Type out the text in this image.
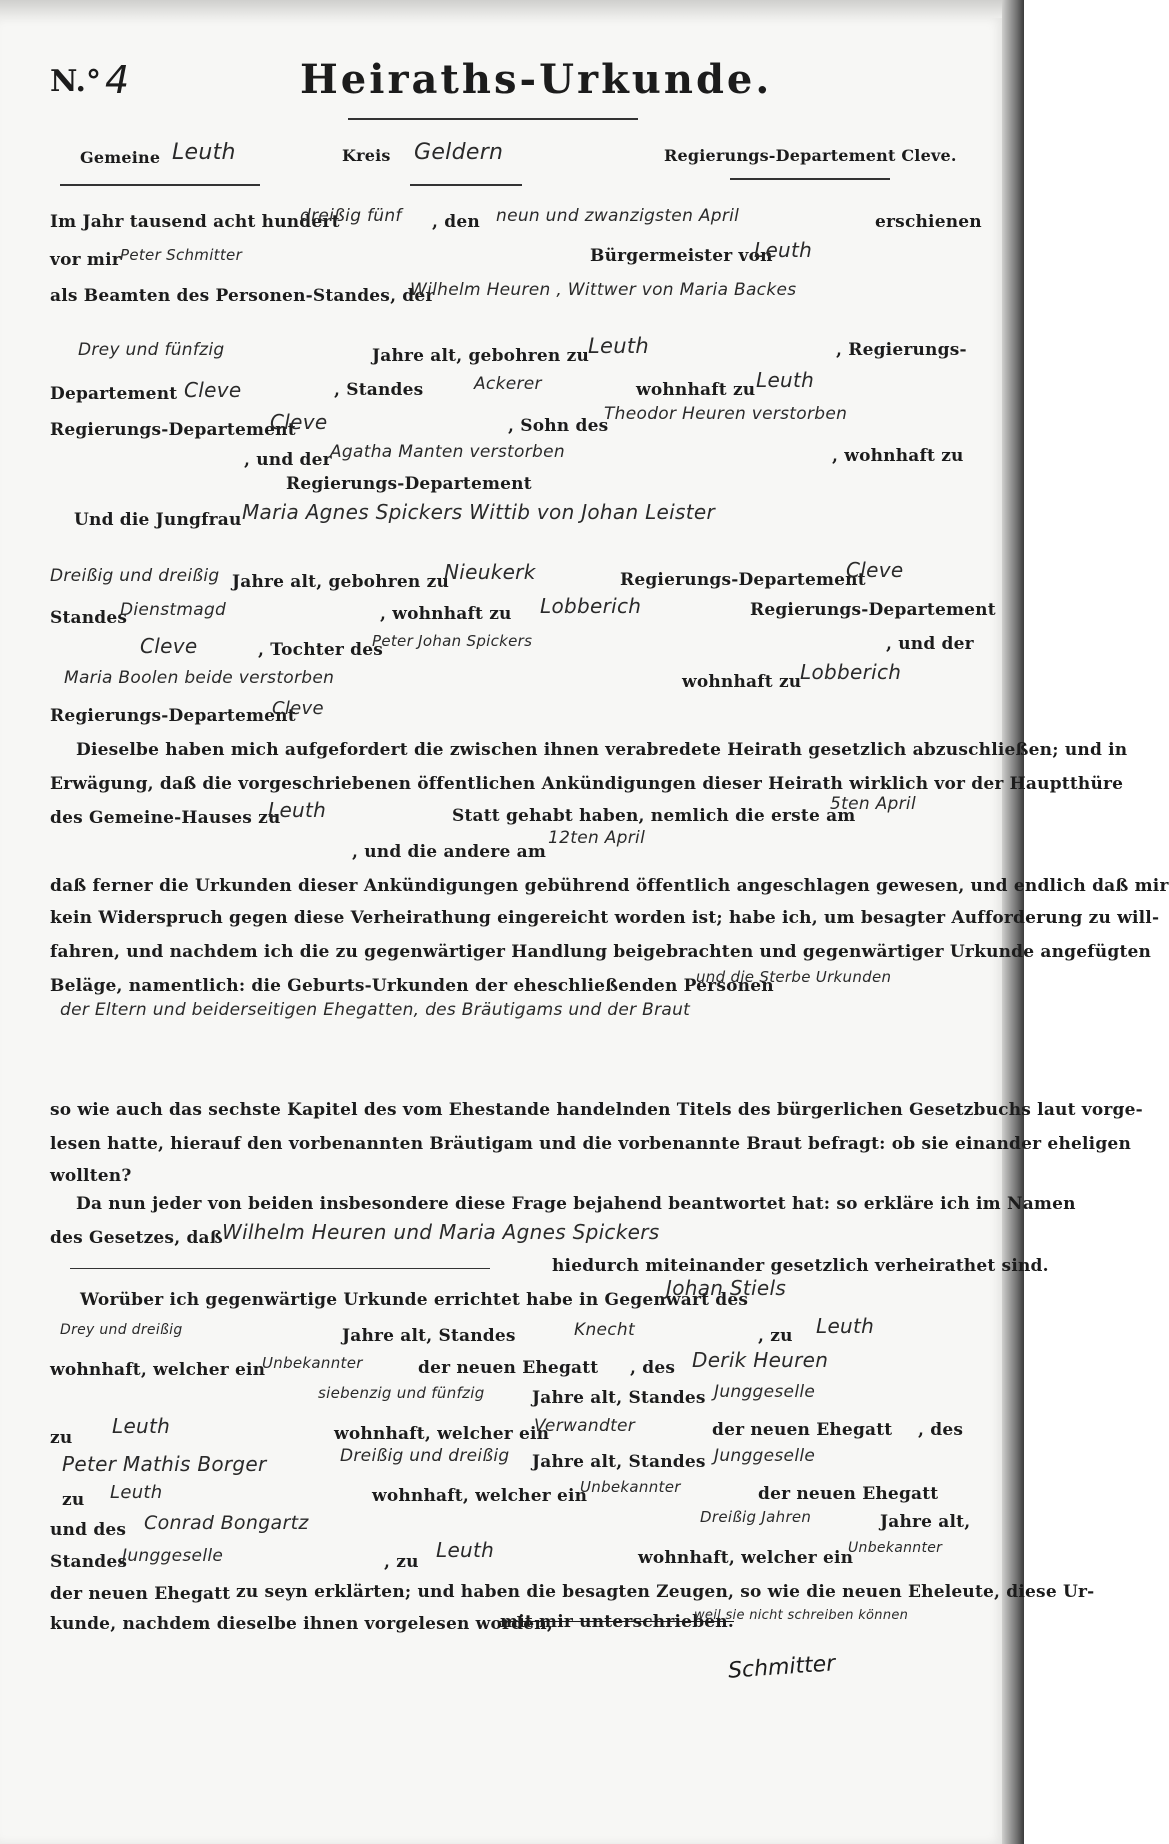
N.° 4	Heiraths-Urkunde.
Gemeine Leuth	Kreis Geldern	Regierungs-Departement Cleve.
Im Jahr tausend acht hundert
dreißig fünf , den neun und zwanzigsten April	erschienen
vor mir Peter Schmitter	Bürgermeister von
Leuth
als Beamten des Personen-Standes, der
Wilhelm Heuren , Wittwer von Maria Backes
Drey und fünfzig	Jahre alt, gebohren zu
Leuth	, Regierungs-
Departement Cleve	, Standes	Ackerer	wohnhaft zu Leuth
Regierungs-Departement
Cleve	, Sohn des
Theodor Heuren verstorben
, und der
Agatha Manten verstorben	, wohnhaft zu
Regierungs-Departement
Und die Jungfrau Maria Agnes Spickers Wittib von Johan Leister
Dreißig und dreißig Jahre alt, gebohren zu
Nieukerk	Regierungs-Departement
Cleve
Standes
Dienstmagd	, wohnhaft zu Lobberich	Regierungs-Departement
Cleve	, Tochter des
Peter Johan Spickers	, und der
Maria Boolen beide verstorben	wohnhaft zu
Lobberich
Regierungs-Departement
Cleve
Dieselbe haben mich aufgefordert die zwischen ihnen verabredete Heirath gesetzlich abzuschließen; und in
Erwägung, daß die vorgeschriebenen öffentlichen Ankündigungen dieser Heirath wirklich vor der Hauptthüre
des Gemeine-Hauses zu
Leuth	Statt gehabt haben, nemlich die erste am
5ten April
, und die andere am
12ten April
daß ferner die Urkunden dieser Ankündigungen gebührend öffentlich angeschlagen gewesen, und endlich daß mir
kein Widerspruch gegen diese Verheirathung eingereicht worden ist; habe ich, um besagter Aufforderung zu will-
fahren, und nachdem ich die zu gegenwärtiger Handlung beigebrachten und gegenwärtiger Urkunde angefügten
Beläge, namentlich: die Geburts-Urkunden der eheschließenden Personen
und die Sterbe Urkunden
der Eltern und beiderseitigen Ehegatten, des Bräutigams und der Braut
so wie auch das sechste Kapitel des vom Ehestande handelnden Titels des bürgerlichen Gesetzbuchs laut vorge-
lesen hatte, hierauf den vorbenannten Bräutigam und die vorbenannte Braut befragt: ob sie einander eheligen
wollten?
Da nun jeder von beiden insbesondere diese Frage bejahend beantwortet hat: so erkläre ich im Namen
des Gesetzes, daß Wilhelm Heuren und Maria Agnes Spickers
hiedurch miteinander gesetzlich verheirathet sind.
Worüber ich gegenwärtige Urkunde errichtet habe in Gegenwart des
Johan Stiels
Drey und dreißig	Jahre alt, Standes	Knecht	, zu Leuth
wohnhaft, welcher ein
Unbekannter	der neuen Ehegatt , des Derik Heuren
siebenzig und fünfzig	Jahre alt, Standes Junggeselle
zu Leuth	wohnhaft, welcher ein
Verwandter	der neuen Ehegatt , des
Peter Mathis Borger	Dreißig und dreißig Jahre alt, Standes Junggeselle
zu Leuth	wohnhaft, welcher ein
Unbekannter	der neuen Ehegatt
und des Conrad Bongartz	Dreißig Jahren	Jahre alt,
Standes
Junggeselle	, zu Leuth	wohnhaft, welcher ein
Unbekannter
der neuen Ehegatt zu seyn erklärten; und haben die besagten Zeugen, so wie die neuen Eheleute, diese Ur-
kunde, nachdem dieselbe ihnen vorgelesen worden,
mit mir unterschrieben.
weil sie nicht schreiben können
Schmitter
